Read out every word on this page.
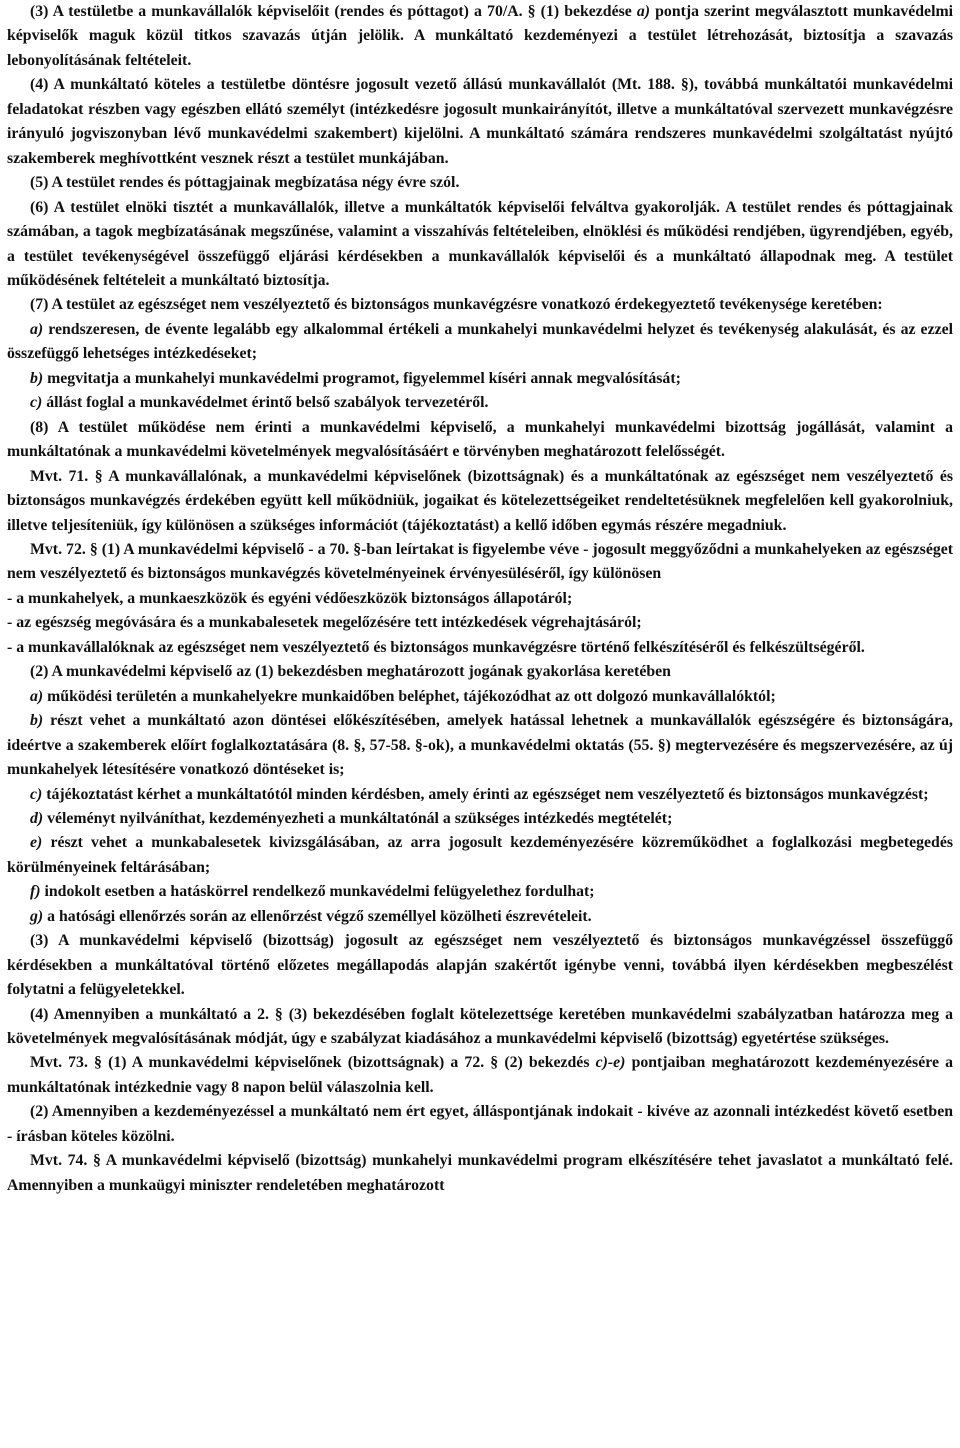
(3) A testületbe a munkavállalók képviselőit (rendes és póttagot) a 70/A. § (1) bekezdése a) pontja szerint megválasztott munkavédelmi képviselők maguk közül titkos szavazás útján jelölik. A munkáltató kezdeményezi a testület létrehozását, biztosítja a szavazás lebonyolításának feltételeit.

(4) A munkáltató köteles a testületbe döntésre jogosult vezető állású munkavállalót (Mt. 188. §), továbbá munkáltatói munkavédelmi feladatokat részben vagy egészben ellátó személyt (intézkedésre jogosult munkairányítót, illetve a munkáltatóval szervezett munkavégzésre irányuló jogviszonyban lévő munkavédelmi szakembert) kijelölni. A munkáltató számára rendszeres munkavédelmi szolgáltatást nyújtó szakemberek meghívottként vesznek részt a testület munkájában.

(5) A testület rendes és póttagjainak megbízatása négy évre szól.

(6) A testület elnöki tisztét a munkavállalók, illetve a munkáltatók képviselői felváltva gyakorolják. A testület rendes és póttagjainak számában, a tagok megbízatásának megszűnése, valamint a visszahívás feltételeiben, elnöklési és működési rendjében, ügyrendjében, egyéb, a testület tevékenységével összefüggő eljárási kérdésekben a munkavállalók képviselői és a munkáltató állapodnak meg. A testület működésének feltételeit a munkáltató biztosítja.

(7) A testület az egészséget nem veszélyeztető és biztonságos munkavégzésre vonatkozó érdekegyeztető tevékenysége keretében:

a) rendszeresen, de évente legalább egy alkalommal értékeli a munkahelyi munkavédelmi helyzet és tevékenység alakulását, és az ezzel összefüggő lehetséges intézkedéseket;

b) megvitatja a munkahelyi munkavédelmi programot, figyelemmel kíséri annak megvalósítását;

c) állást foglal a munkavédelmet érintő belső szabályok tervezetéről.

(8) A testület működése nem érinti a munkavédelmi képviselő, a munkahelyi munkavédelmi bizottság jogállását, valamint a munkáltatónak a munkavédelmi követelmények megvalósításáért e törvényben meghatározott felelősségét.

Mvt. 71. § A munkavállalónak, a munkavédelmi képviselőnek (bizottságnak) és a munkáltatónak az egészséget nem veszélyeztető és biztonságos munkavégzés érdekében együtt kell működniük, jogaikat és kötelezettségeiket rendeltetésüknek megfelelően kell gyakorolniuk, illetve teljesíteniük, így különösen a szükséges információt (tájékoztatást) a kellő időben egymás részére megadniuk.

Mvt. 72. § (1) A munkavédelmi képviselő - a 70. §-ban leírtakat is figyelembe véve - jogosult meggyőződni a munkahelyeken az egészséget nem veszélyeztető és biztonságos munkavégzés követelményeinek érvényesüléséről, így különösen

- a munkahelyek, a munkaeszközök és egyéni védőeszközök biztonságos állapotáról;

- az egészség megóvására és a munkabalesetek megelőzésére tett intézkedések végrehajtásáról;

- a munkavállalóknak az egészséget nem veszélyeztető és biztonságos munkavégzésre történő felkészítéséről és felkészültségéről.

(2) A munkavédelmi képviselő az (1) bekezdésben meghatározott jogának gyakorlása keretében

a) működési területén a munkahelyekre munkaidőben beléphet, tájékozódhat az ott dolgozó munkavállalóktól;

b) részt vehet a munkáltató azon döntései előkészítésében, amelyek hatással lehetnek a munkavállalók egészségére és biztonságára, ideértve a szakemberek előírt foglalkoztatására (8. §, 57-58. §-ok), a munkavédelmi oktatás (55. §) megtervezésére és megszervezésére, az új munkahelyek létesítésére vonatkozó döntéseket is;

c) tájékoztatást kérhet a munkáltatótól minden kérdésben, amely érinti az egészséget nem veszélyeztető és biztonságos munkavégzést;

d) véleményt nyilváníthat, kezdeményezheti a munkáltatónál a szükséges intézkedés megtételét;

e) részt vehet a munkabalesetek kivizsgálásában, az arra jogosult kezdeményezésére közreműködhet a foglalkozási megbetegedés körülményeinek feltárásában;

f) indokolt esetben a hatáskörrel rendelkező munkavédelmi felügyelethez fordulhat;

g) a hatósági ellenőrzés során az ellenőrzést végző személlyel közölheti észrevételeit.

(3) A munkavédelmi képviselő (bizottság) jogosult az egészséget nem veszélyeztető és biztonságos munkavégzéssel összefüggő kérdésekben a munkáltatóval történő előzetes megállapodás alapján szakértőt igénybe venni, továbbá ilyen kérdésekben megbeszélést folytatni a felügyeletekkel.

(4) Amennyiben a munkáltató a 2. § (3) bekezdésében foglalt kötelezettsége keretében munkavédelmi szabályzatban határozza meg a követelmények megvalósításának módját, úgy e szabályzat kiadásához a munkavédelmi képviselő (bizottság) egyetértése szükséges.

Mvt. 73. § (1) A munkavédelmi képviselőnek (bizottságnak) a 72. § (2) bekezdés c)-e) pontjaiban meghatározott kezdeményezésére a munkáltatónak intézkednie vagy 8 napon belül válaszolnia kell.

(2) Amennyiben a kezdeményezéssel a munkáltató nem ért egyet, álláspontjának indokait - kivéve az azonnali intézkedést követő esetben - írásban köteles közölni.

Mvt. 74. § A munkavédelmi képviselő (bizottság) munkahelyi munkavédelmi program elkészítésére tehet javaslatot a munkáltató felé. Amennyiben a munkaügyi miniszter rendeletében meghatározott
